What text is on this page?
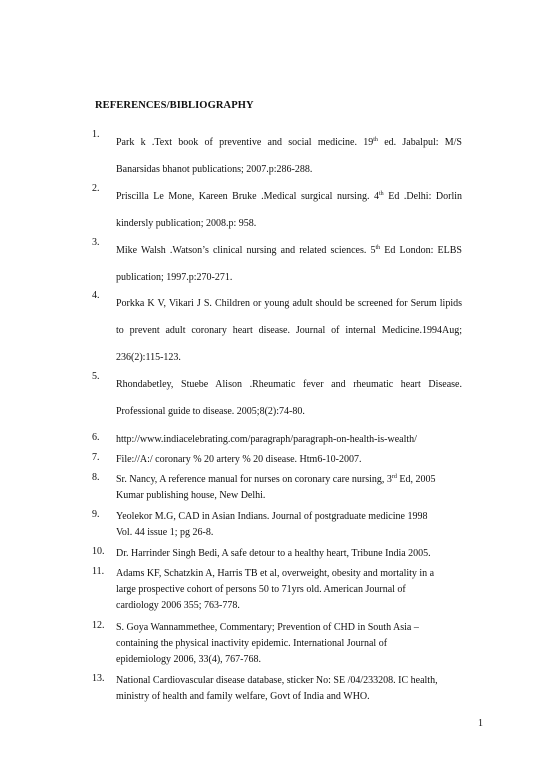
REFERENCES/BIBLIOGRAPHY
1.
Park k .Text book of preventive and social medicine. 19th ed. Jabalpul: M/S
Banarsidas bhanot publications; 2007.p:286-288.
2.
Priscilla Le Mone, Kareen Bruke .Medical surgical nursing. 4th Ed .Delhi: Dorlin
kindersly publication; 2008.p: 958.
3.
Mike Walsh .Watson’s clinical nursing and related sciences. 5th Ed London: ELBS
publication; 1997.p:270-271.
4.
Porkka K V, Vikari J S. Children or young adult should be screened for Serum lipids
to prevent adult coronary heart disease. Journal of internal Medicine.1994Aug;
236(2):115-123.
5.
Rhondabetley, Stuebe Alison .Rheumatic fever and rheumatic heart Disease.
Professional guide to disease. 2005;8(2):74-80.
6. http://www.indiacelebrating.com/paragraph/paragraph-on-health-is-wealth/
7. File://A:/ coronary % 20 artery % 20 disease. Htm6-10-2007.
8. Sr. Nancy, A reference manual for nurses on coronary care nursing, 3rd Ed, 2005
Kumar publishing house, New Delhi.
9. Yeolekor M.G, CAD in Asian Indians. Journal of postgraduate medicine 1998
Vol. 44 issue 1; pg 26-8.
10. Dr. Harrinder Singh Bedi, A safe detour to a healthy heart, Tribune India 2005.
11. Adams KF, Schatzkin A, Harris TB et al, overweight, obesity and mortality in a
large prospective cohort of persons 50 to 71yrs old. American Journal of
cardiology 2006 355; 763-778.
12. S. Goya Wannammethee, Commentary; Prevention of CHD in South Asia –
containing the physical inactivity epidemic. International Journal of
epidemiology 2006, 33(4), 767-768.
13. National Cardiovascular disease database, sticker No: SE /04/233208. IC health,
ministry of health and family welfare, Govt of India and WHO.
1
